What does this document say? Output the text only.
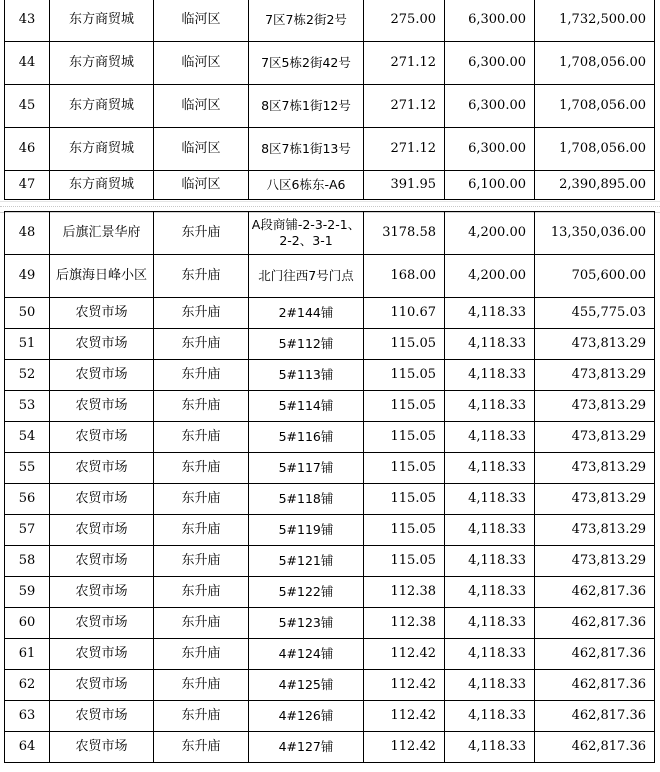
43	东方商贸城	临河区	7区7栋2街2号	275.00	6,300.00	1,732,500.00
44	东方商贸城	临河区	7区5栋2街42号	271.12	6,300.00	1,708,056.00
45	东方商贸城	临河区	8区7栋1街12号	271.12	6,300.00	1,708,056.00
46	东方商贸城	临河区	8区7栋1街13号	271.12	6,300.00	1,708,056.00
47	东方商贸城	临河区	八区6栋东-A6	391.95	6,100.00	2,390,895.00
48	后旗汇景华府	东升庙	A段商铺-2-3-2-1、2-2、3-1	3178.58	4,200.00	13,350,036.00
49	后旗海日峰小区	东升庙	北门往西7号门点	168.00	4,200.00	705,600.00
50	农贸市场	东升庙	2#144铺	110.67	4,118.33	455,775.03
51	农贸市场	东升庙	5#112铺	115.05	4,118.33	473,813.29
52	农贸市场	东升庙	5#113铺	115.05	4,118.33	473,813.29
53	农贸市场	东升庙	5#114铺	115.05	4,118.33	473,813.29
54	农贸市场	东升庙	5#116铺	115.05	4,118.33	473,813.29
55	农贸市场	东升庙	5#117铺	115.05	4,118.33	473,813.29
56	农贸市场	东升庙	5#118铺	115.05	4,118.33	473,813.29
57	农贸市场	东升庙	5#119铺	115.05	4,118.33	473,813.29
58	农贸市场	东升庙	5#121铺	115.05	4,118.33	473,813.29
59	农贸市场	东升庙	5#122铺	112.38	4,118.33	462,817.36
60	农贸市场	东升庙	5#123铺	112.38	4,118.33	462,817.36
61	农贸市场	东升庙	4#124铺	112.42	4,118.33	462,817.36
62	农贸市场	东升庙	4#125铺	112.42	4,118.33	462,817.36
63	农贸市场	东升庙	4#126铺	112.42	4,118.33	462,817.36
64	农贸市场	东升庙	4#127铺	112.42	4,118.33	462,817.36
